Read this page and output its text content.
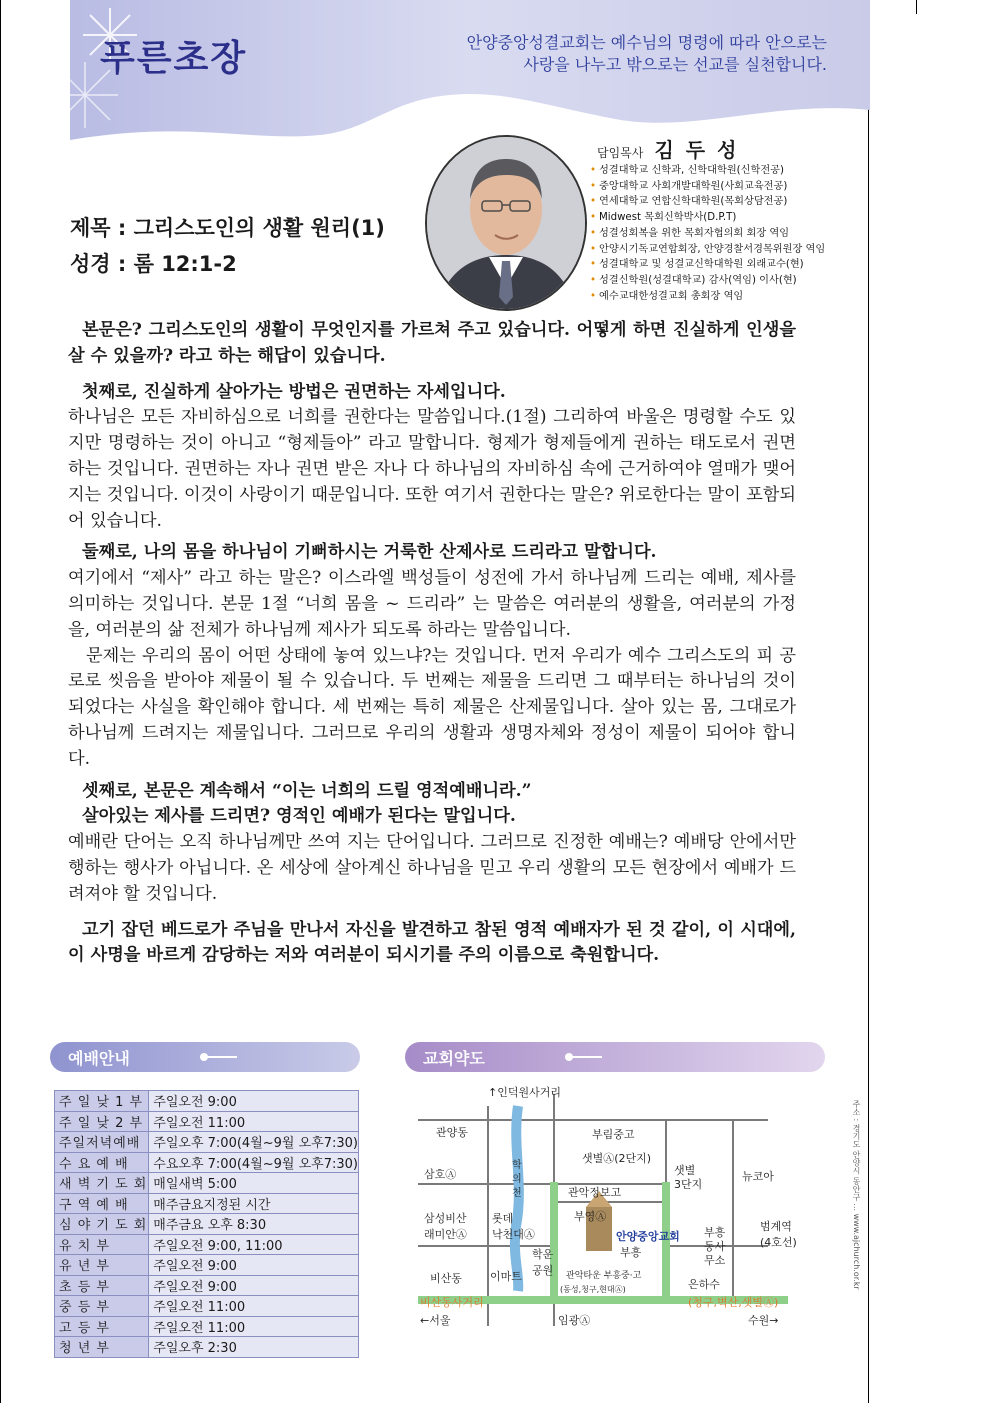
푸른초장	안양중앙성결교회는 예수님의 명령에 따라 안으로는
사랑을 나누고 밖으로는 선교를 실천합니다.
담임목사 김두성
• 성결대학교 신학과, 신학대학원(신학전공)
• 중앙대학교 사회개발대학원(사회교육전공)
• 연세대학교 연합신학대학원(목회상담전공)
• Midwest 목회신학박사(D.P.T)
• 성결성회복을 위한 목회자협의회 회장 역임
• 안양시기독교연합회장, 안양경찰서경목위원장 역임
• 성결대학교 및 성결교신학대학원 외래교수(현)
• 성결신학원(성결대학교) 감사(역임) 이사(현)
• 예수교대한성결교회 총회장 역임
제목 : 그리스도인의 생활 원리(1)
성경 : 롬 12:1-2

본문은? 그리스도인의 생활이 무엇인지를 가르쳐 주고 있습니다. 어떻게 하면 진실하게 인생을 살 수 있을까? 라고 하는 해답이 있습니다.

첫째로, 진실하게 살아가는 방법은 권면하는 자세입니다.

하나님은 모든 자비하심으로 너희를 권한다는 말씀입니다.(1절) 그리하여 바울은 명령할 수도 있지만 명령하는 것이 아니고 “형제들아” 라고 말합니다. 형제가 형제들에게 권하는 태도로서 권면하는 것입니다. 권면하는 자나 권면 받은 자나 다 하나님의 자비하심 속에 근거하여야 열매가 맺어지는 것입니다. 이것이 사랑이기 때문입니다. 또한 여기서 권한다는 말은? 위로한다는 말이 포함되어 있습니다.

둘째로, 나의 몸을 하나님이 기뻐하시는 거룩한 산제사로 드리라고 말합니다.

여기에서 “제사” 라고 하는 말은? 이스라엘 백성들이 성전에 가서 하나님께 드리는 예배, 제사를 의미하는 것입니다. 본문 1절 “너희 몸을 ~ 드리라” 는 말씀은 여러분의 생활을, 여러분의 가정을, 여러분의 삶 전체가 하나님께 제사가 되도록 하라는 말씀입니다.

문제는 우리의 몸이 어떤 상태에 놓여 있느냐?는 것입니다. 먼저 우리가 예수 그리스도의 피 공로로 씻음을 받아야 제물이 될 수 있습니다. 두 번째는 제물을 드리면 그 때부터는 하나님의 것이 되었다는 사실을 확인해야 합니다. 세 번째는 특히 제물은 산제물입니다. 살아 있는 몸, 그대로가 하나님께 드려지는 제물입니다. 그러므로 우리의 생활과 생명자체와 정성이 제물이 되어야 합니다.

셋째로, 본문은 계속해서 “이는 너희의 드릴 영적예배니라.”

살아있는 제사를 드리면? 영적인 예배가 된다는 말입니다.

예배란 단어는 오직 하나님께만 쓰여 지는 단어입니다. 그러므로 진정한 예배는? 예배당 안에서만 행하는 행사가 아닙니다. 온 세상에 살아계신 하나님을 믿고 우리 생활의 모든 현장에서 예배가 드려져야 할 것입니다.

고기 잡던 베드로가 주님을 만나서 자신을 발견하고 참된 영적 예배자가 된 것 같이, 이 시대에, 이 사명을 바르게 감당하는 저와 여러분이 되시기를 주의 이름으로 축원합니다.

예배안내
주 일 낮 1 부	주일오전 9:00
주 일 낮 2 부	주일오전 11:00
주일저녁예배	주일오후 7:00(4월~9월 오후7:30)
수 요 예 배	수요오후 7:00(4월~9월 오후7:30)
새 벽 기 도 회	매일새벽 5:00
구 역 예 배	매주금요지정된 시간
심 야 기 도 회	매주금요 오후 8:30
유 치 부	주일오전 9:00, 11:00
유 년 부	주일오전 9:00
초 등 부	주일오전 9:00
중 등 부	주일오전 11:00
고 등 부	주일오전 11:00
청 년 부	주일오후 2:30
교회약도
↑인덕원사거리
관양동	부림중고
샛별Ⓐ(2단지)
삼호Ⓐ
학
의
천	관악정보고
샛별
3단지
뉴코아
삼성비산
래미안Ⓐ
롯데
낙천대Ⓐ
부영Ⓐ
안양중앙교회
부흥
부흥
동사
무소
범계역
(4호선)
학운
공원
비산동	이마트	관악타운 부흥중·고
(동성,청구,현대Ⓐ)	은하수
비산동사거리	(청구,벽산,샛별Ⓐ)
←서울	임광Ⓐ	수원→
주소 : 경기도 안양시 동안구 ... www.ajchurch.or.kr
